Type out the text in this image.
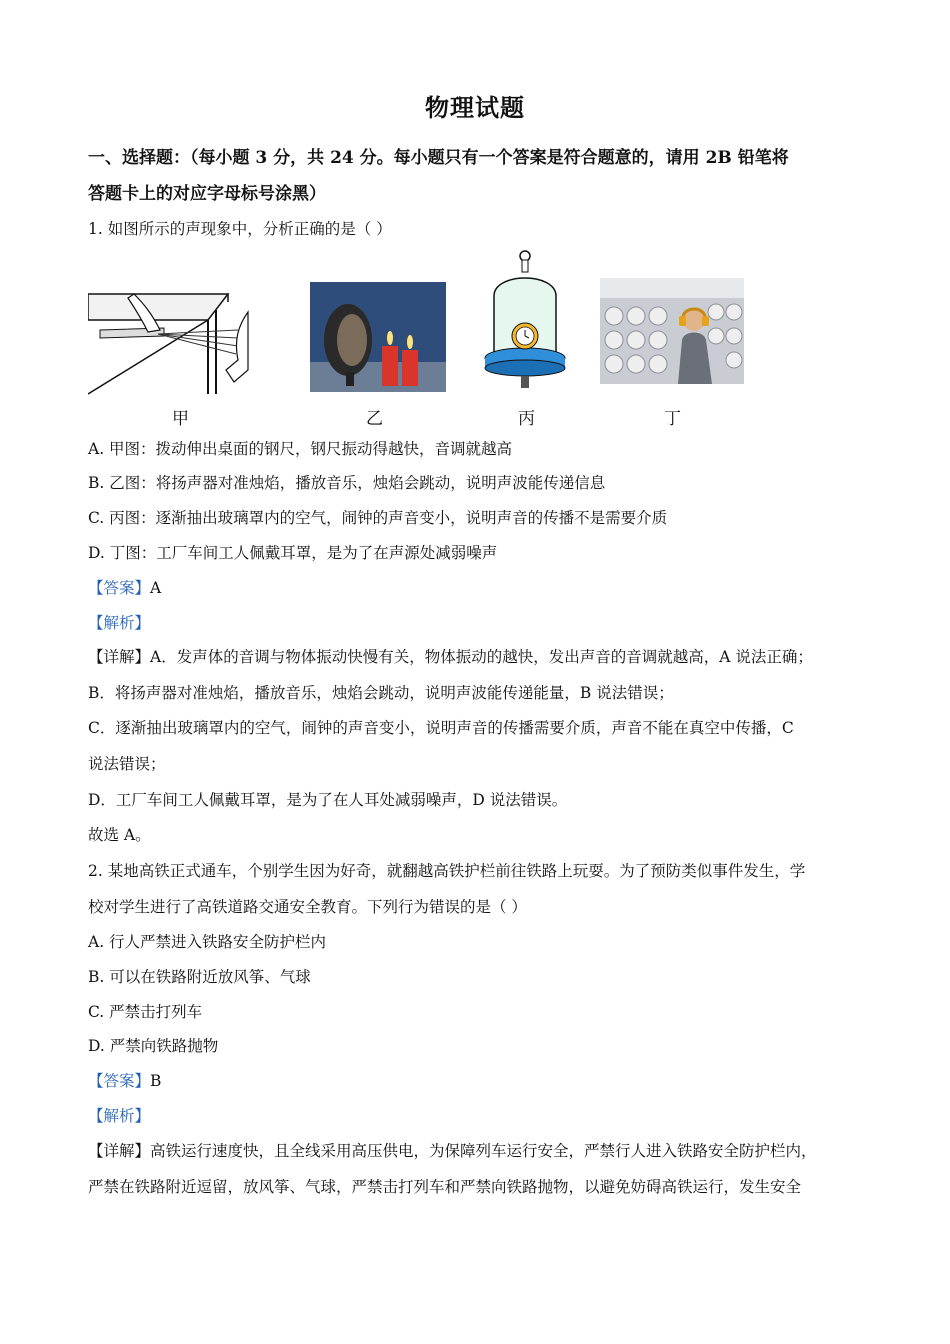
物理试题
一、选择题：（每小题 3 分，共 24 分。每小题只有一个答案是符合题意的，请用 2B 铅笔将
答题卡上的对应字母标号涂黑）
1. 如图所示的声现象中，分析正确的是（ ）
甲	乙	丙	丁
A. 甲图：拨动伸出桌面的钢尺，钢尺振动得越快，音调就越高
B. 乙图：将扬声器对准烛焰，播放音乐，烛焰会跳动，说明声波能传递信息
C. 丙图：逐渐抽出玻璃罩内的空气，闹钟的声音变小，说明声音的传播不是需要介质
D. 丁图：工厂车间工人佩戴耳罩，是为了在声源处减弱噪声
【答案】A
【解析】
【详解】A．发声体的音调与物体振动快慢有关，物体振动的越快，发出声音的音调就越高，A 说法正确；
B．将扬声器对准烛焰，播放音乐，烛焰会跳动，说明声波能传递能量，B 说法错误；
C．逐渐抽出玻璃罩内的空气，闹钟的声音变小，说明声音的传播需要介质，声音不能在真空中传播，C
说法错误；
D．工厂车间工人佩戴耳罩，是为了在人耳处减弱噪声，D 说法错误。
故选 A。
2. 某地高铁正式通车，个别学生因为好奇，就翻越高铁护栏前往铁路上玩耍。为了预防类似事件发生，学
校对学生进行了高铁道路交通安全教育。下列行为错误的是（ ）
A. 行人严禁进入铁路安全防护栏内
B. 可以在铁路附近放风筝、气球
C. 严禁击打列车
D. 严禁向铁路抛物
【答案】B
【解析】
【详解】高铁运行速度快，且全线采用高压供电，为保障列车运行安全，严禁行人进入铁路安全防护栏内，
严禁在铁路附近逗留，放风筝、气球，严禁击打列车和严禁向铁路抛物，以避免妨碍高铁运行，发生安全
